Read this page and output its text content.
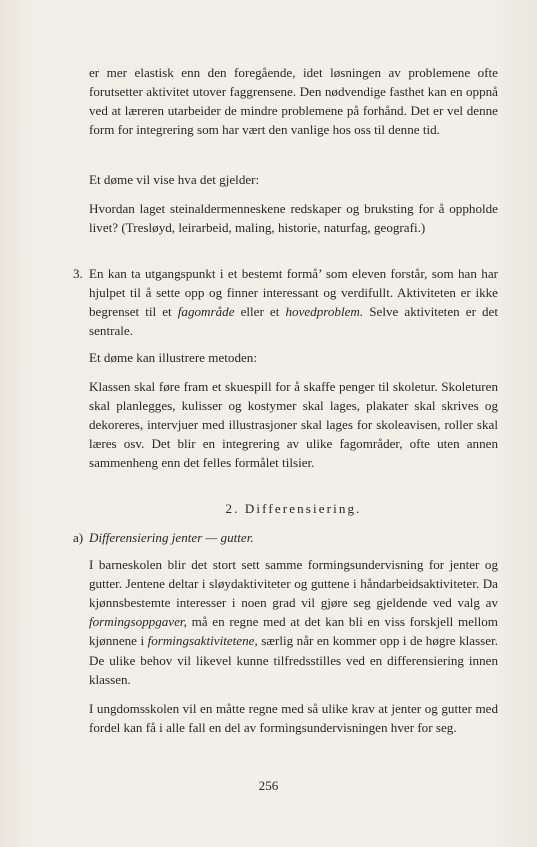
er mer elastisk enn den foregående, idet løsningen av problemene ofte forutsetter aktivitet utover faggrensene. Den nødvendige fasthet kan en oppnå ved at læreren utarbeider de mindre problemene på forhånd. Det er vel denne form for integrering som har vært den vanlige hos oss til denne tid.

Et døme vil vise hva det gjelder:

Hvordan laget steinaldermenneskene redskaper og bruksting for å oppholde livet? (Tresløyd, leirarbeid, maling, historie, naturfag, geografi.)

3. En kan ta utgangspunkt i et bestemt formå’ som eleven forstår, som han har hjulpet til å sette opp og finner interessant og verdifullt. Aktiviteten er ikke begrenset til et fagområde eller et hovedproblem. Selve aktiviteten er det sentrale.

Et døme kan illustrere metoden:

Klassen skal føre fram et skuespill for å skaffe penger til skoletur. Skoleturen skal planlegges, kulisser og kostymer skal lages, plakater skal skrives og dekoreres, intervjuer med illustrasjoner skal lages for skoleavisen, roller skal læres osv. Det blir en integrering av ulike fagområder, ofte uten annen sammenheng enn det felles formålet tilsier.

2. Differensiering.

a) Differensiering jenter — gutter.

I barneskolen blir det stort sett samme formingsundervisning for jenter og gutter. Jentene deltar i sløydaktiviteter og guttene i håndarbeidsaktiviteter. Da kjønnsbestemte interesser i noen grad vil gjøre seg gjeldende ved valg av formingsoppgaver, må en regne med at det kan bli en viss forskjell mellom kjønnene i formingsaktivitetene, særlig når en kommer opp i de høgre klasser. De ulike behov vil likevel kunne tilfredsstilles ved en differensiering innen klassen.

I ungdomsskolen vil en måtte regne med så ulike krav at jenter og gutter med fordel kan få i alle fall en del av formingsundervisningen hver for seg.

256
